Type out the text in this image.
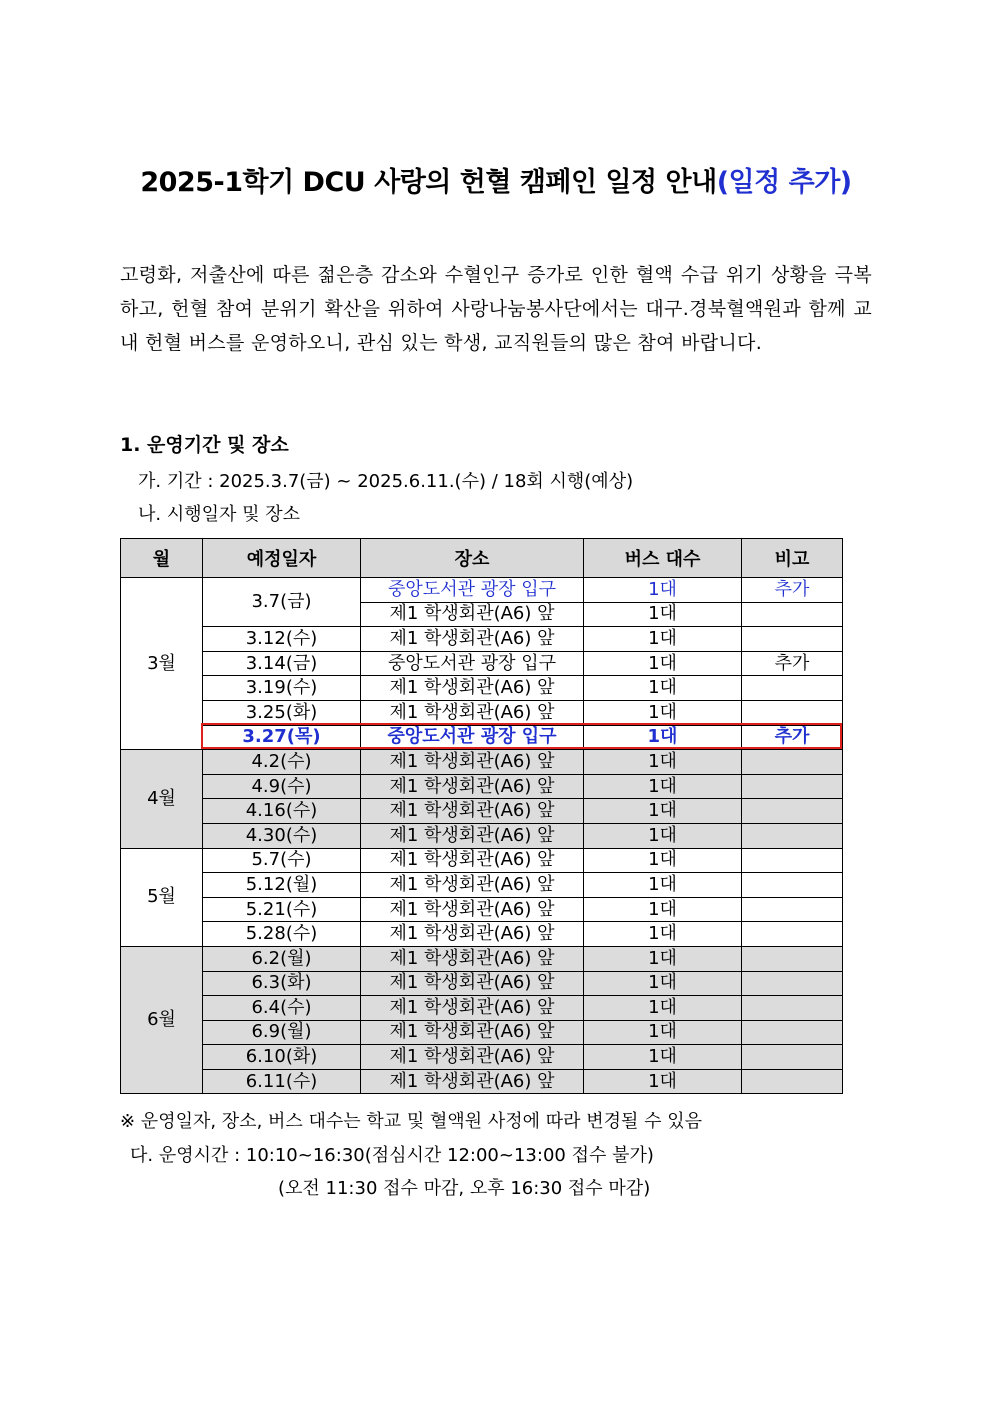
2025-1학기 DCU 사랑의 헌혈 캠페인 일정 안내(일정 추가)
고령화, 저출산에 따른 젊은층 감소와 수혈인구 증가로 인한 혈액 수급 위기 상황을 극복하고, 헌혈 참여 분위기 확산을 위하여 사랑나눔봉사단에서는 대구.경북혈액원과 함께 교내 헌혈 버스를 운영하오니, 관심 있는 학생, 교직원들의 많은 참여 바랍니다.
1. 운영기간 및 장소
가. 기간 : 2025.3.7(금) ~ 2025.6.11.(수) / 18회 시행(예상)
나. 시행일자 및 장소
월	예정일자	장소	버스 대수	비고
3월	3.7(금)	중앙도서관 광장 입구	1대	추가
		제1 학생회관(A6) 앞	1대	
	3.12(수)	제1 학생회관(A6) 앞	1대	
	3.14(금)	중앙도서관 광장 입구	1대	추가
	3.19(수)	제1 학생회관(A6) 앞	1대	
	3.25(화)	제1 학생회관(A6) 앞	1대	
	3.27(목)	중앙도서관 광장 입구	1대	추가
4월	4.2(수)	제1 학생회관(A6) 앞	1대	
	4.9(수)	제1 학생회관(A6) 앞	1대	
	4.16(수)	제1 학생회관(A6) 앞	1대	
	4.30(수)	제1 학생회관(A6) 앞	1대	
5월	5.7(수)	제1 학생회관(A6) 앞	1대	
	5.12(월)	제1 학생회관(A6) 앞	1대	
	5.21(수)	제1 학생회관(A6) 앞	1대	
	5.28(수)	제1 학생회관(A6) 앞	1대	
6월	6.2(월)	제1 학생회관(A6) 앞	1대	
	6.3(화)	제1 학생회관(A6) 앞	1대	
	6.4(수)	제1 학생회관(A6) 앞	1대	
	6.9(월)	제1 학생회관(A6) 앞	1대	
	6.10(화)	제1 학생회관(A6) 앞	1대	
	6.11(수)	제1 학생회관(A6) 앞	1대	
※ 운영일자, 장소, 버스 대수는 학교 및 혈액원 사정에 따라 변경될 수 있음
다. 운영시간 : 10:10~16:30(점심시간 12:00~13:00 접수 불가)
(오전 11:30 접수 마감, 오후 16:30 접수 마감)
